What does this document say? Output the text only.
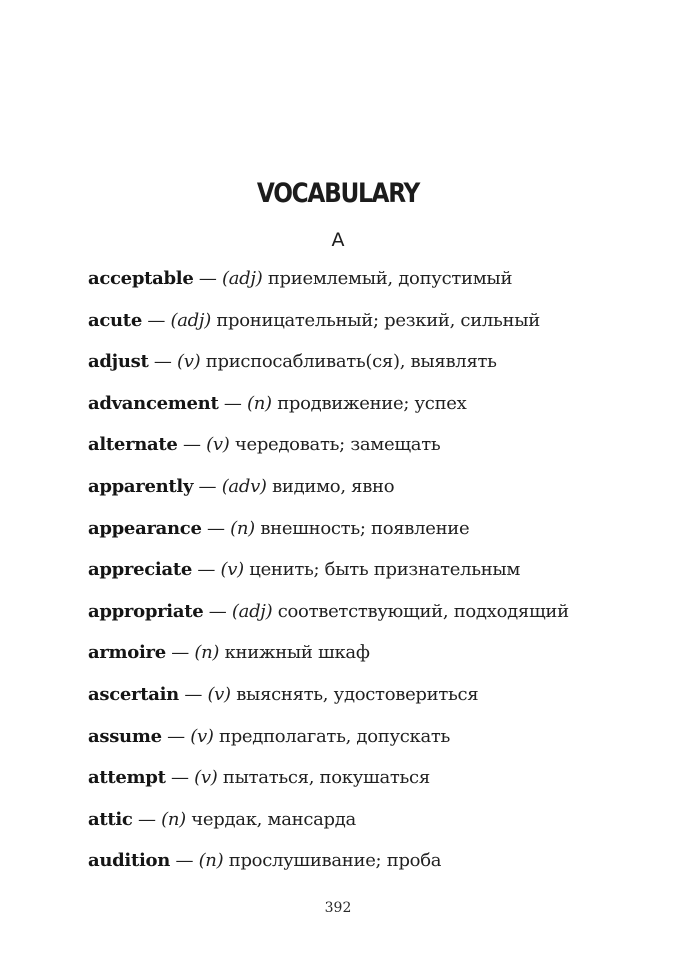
VOCABULARY
A
acceptable — (adj) приемлемый, допустимый
acute — (adj) проницательный; резкий, сильный
adjust — (v) приспосабливать(ся), выявлять
advancement — (n) продвижение; успех
alternate — (v) чередовать; замещать
apparently — (adv) видимо, явно
appearance — (n) внешность; появление
appreciate — (v) ценить; быть признательным
appropriate — (adj) соответствующий, подходящий
armoire — (n) книжный шкаф
ascertain — (v) выяснять, удостовериться
assume — (v) предполагать, допускать
attempt — (v) пытаться, покушаться
attic — (n) чердак, мансарда
audition — (n) прослушивание; проба
392
